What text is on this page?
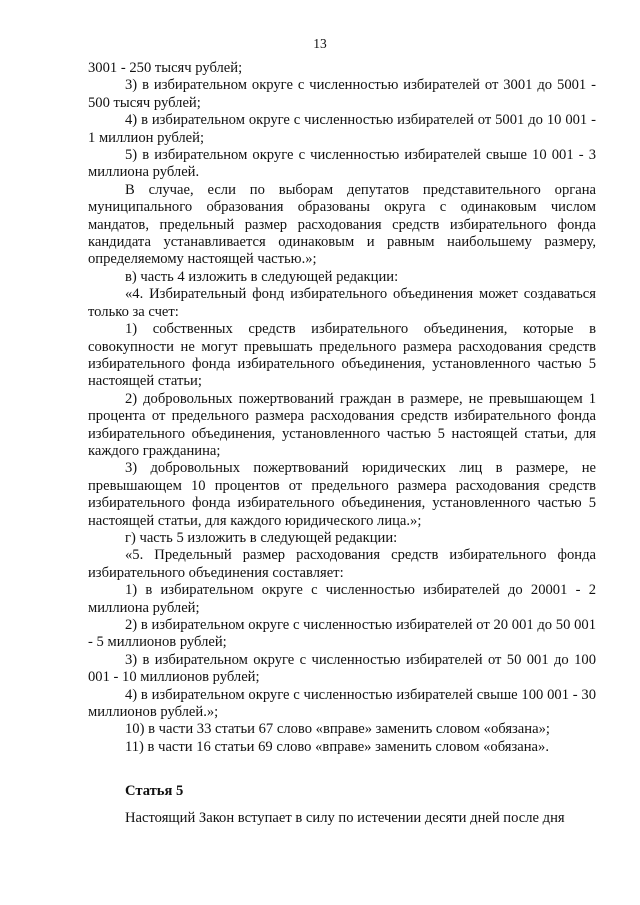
13

3001 - 250 тысяч рублей;

3) в избирательном округе с численностью избирателей от 3001 до 5001 - 500 тысяч рублей;

4) в избирательном округе с численностью избирателей от 5001 до 10 001 - 1 миллион рублей;

5) в избирательном округе с численностью избирателей свыше 10 001 - 3 миллиона рублей.

В случае, если по выборам депутатов представительного органа муниципального образования образованы округа с одинаковым числом мандатов, предельный размер расходования средств избирательного фонда кандидата устанавливается одинаковым и равным наибольшему размеру, определяемому настоящей частью.»;

в) часть 4 изложить в следующей редакции:

«4. Избирательный фонд избирательного объединения может создаваться только за счет:

1) собственных средств избирательного объединения, которые в совокупности не могут превышать предельного размера расходования средств избирательного фонда избирательного объединения, установленного частью 5 настоящей статьи;

2) добровольных пожертвований граждан в размере, не превышающем 1 процента от предельного размера расходования средств избирательного фонда избирательного объединения, установленного частью 5 настоящей статьи, для каждого гражданина;

3) добровольных пожертвований юридических лиц в размере, не превышающем 10 процентов от предельного размера расходования средств избирательного фонда избирательного объединения, установленного частью 5 настоящей статьи, для каждого юридического лица.»;

г) часть 5 изложить в следующей редакции:

«5. Предельный размер расходования средств избирательного фонда избирательного объединения составляет:

1) в избирательном округе с численностью избирателей до 20001 - 2 миллиона рублей;

2) в избирательном округе с численностью избирателей от 20 001 до 50 001 - 5 миллионов рублей;

3) в избирательном округе с численностью избирателей от 50 001 до 100 001 - 10 миллионов рублей;

4) в избирательном округе с численностью избирателей свыше 100 001 - 30 миллионов рублей.»;

10) в части 33 статьи 67 слово «вправе» заменить словом «обязана»;

11) в части 16 статьи 69 слово «вправе» заменить словом «обязана».

Статья 5

Настоящий Закон вступает в силу по истечении десяти дней после дня
